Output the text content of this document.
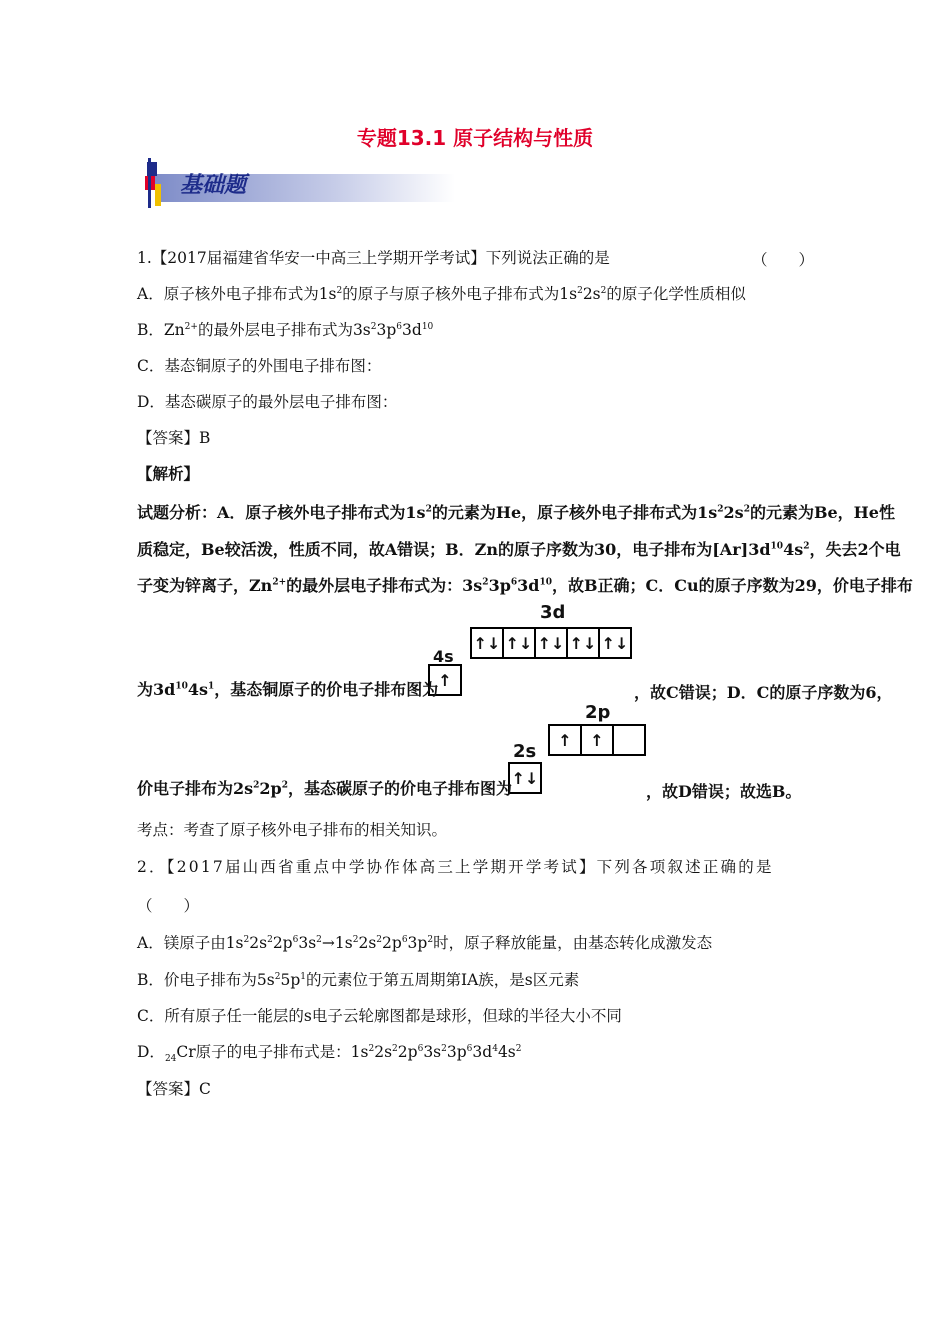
专题13.1 原子结构与性质
基础题
1.【2017届福建省华安一中高三上学期开学考试】下列说法正确的是	（　　）
A．原子核外电子排布式为$1s^2$的原子与原子核外电子排布式为$1s^22s^2$的原子化学性质相似
B．$Zn^{2+}$的最外层电子排布式为$3s^23p^63d^{10}$
C．基态铜原子的外围电子排布图：
D．基态碳原子的最外层电子排布图：
【答案】B
【解析】
试题分析：A．原子核外电子排布式为$1s^2$的元素为He，原子核外电子排布式为$1s^22s^2$的元素为Be，He性
质稳定，Be较活泼，性质不同，故A错误；B．Zn的原子序数为30，电子排布为$[Ar]3d^{10}4s^2$，失去2个电
子变为锌离子，$Zn^{2+}$的最外层电子排布式为：$3s^23p^63d^{10}$，故B正确；C．Cu的原子序数为29，价电子排布
3d
↑↓ ↑↓ ↑↓ ↑↓ ↑↓
4s
↑
为$3d^{10}4s^1$，基态铜原子的价电子排布图为	，故C错误；D．C的原子序数为6，
2p
↑	↑
2s
↑↓
价电子排布为$2s^22p^2$，基态碳原子的价电子排布图为	，故D错误；故选B。
考点：考查了原子核外电子排布的相关知识。
2．【2017届山西省重点中学协作体高三上学期开学考试】下列各项叙述正确的是
（　　）
A．镁原子由$1s^22s^22p^63s^2\to 1s^22s^22p^63p^2$时，原子释放能量，由基态转化成激发态
B．价电子排布为$5s^25p^1$的元素位于第五周期第ⅠA族，是s区元素
C．所有原子任一能层的s电子云轮廓图都是球形，但球的半径大小不同
D．$_{24}$Cr原子的电子排布式是：$1s^22s^22p^63s^23p^63d^44s^2$
【答案】C
